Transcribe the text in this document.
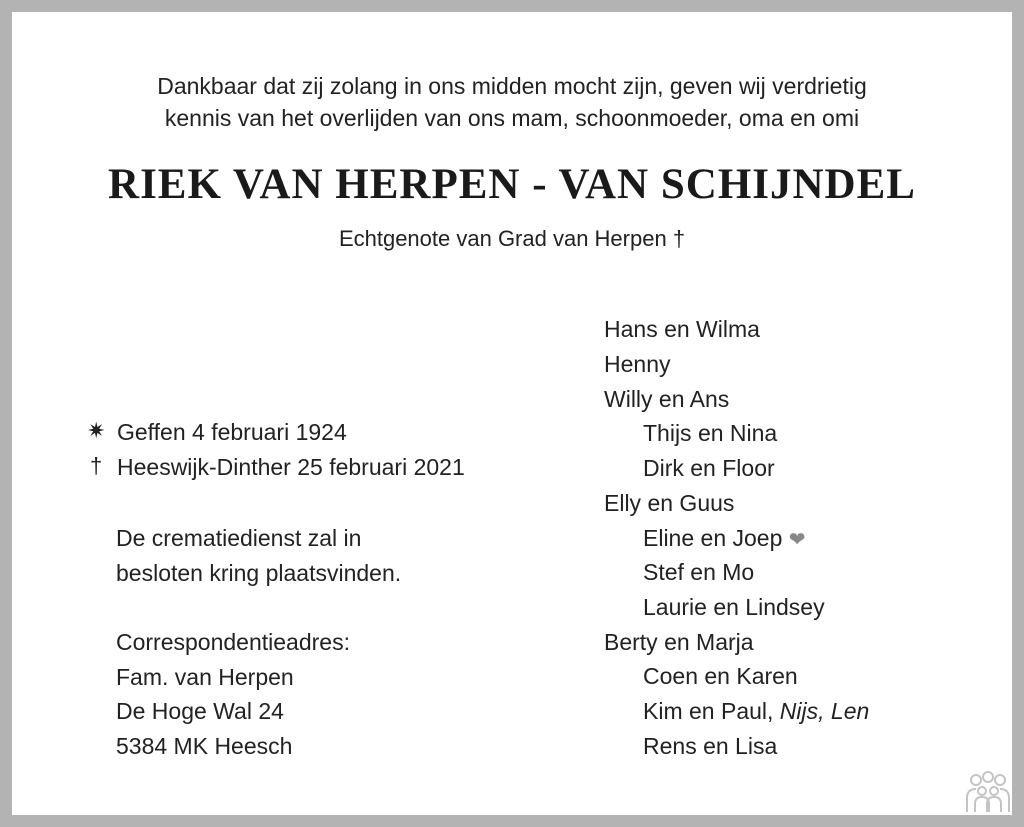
Dankbaar dat zij zolang in ons midden mocht zijn, geven wij verdrietig
kennis van het overlijden van ons mam, schoonmoeder, oma en omi
RIEK VAN HERPEN - VAN SCHIJNDEL
Echtgenote van Grad van Herpen †
✷ Geffen 4 februari 1924
† Heeswijk-Dinther 25 februari 2021
De crematiedienst zal in
besloten kring plaatsvinden.
Correspondentieadres:
Fam. van Herpen
De Hoge Wal 24
5384 MK Heesch
Hans en Wilma
Henny
Willy en Ans
Thijs en Nina
Dirk en Floor
Elly en Guus
Eline en Joep ❤
Stef en Mo
Laurie en Lindsey
Berty en Marja
Coen en Karen
Kim en Paul, Nijs, Len
Rens en Lisa
